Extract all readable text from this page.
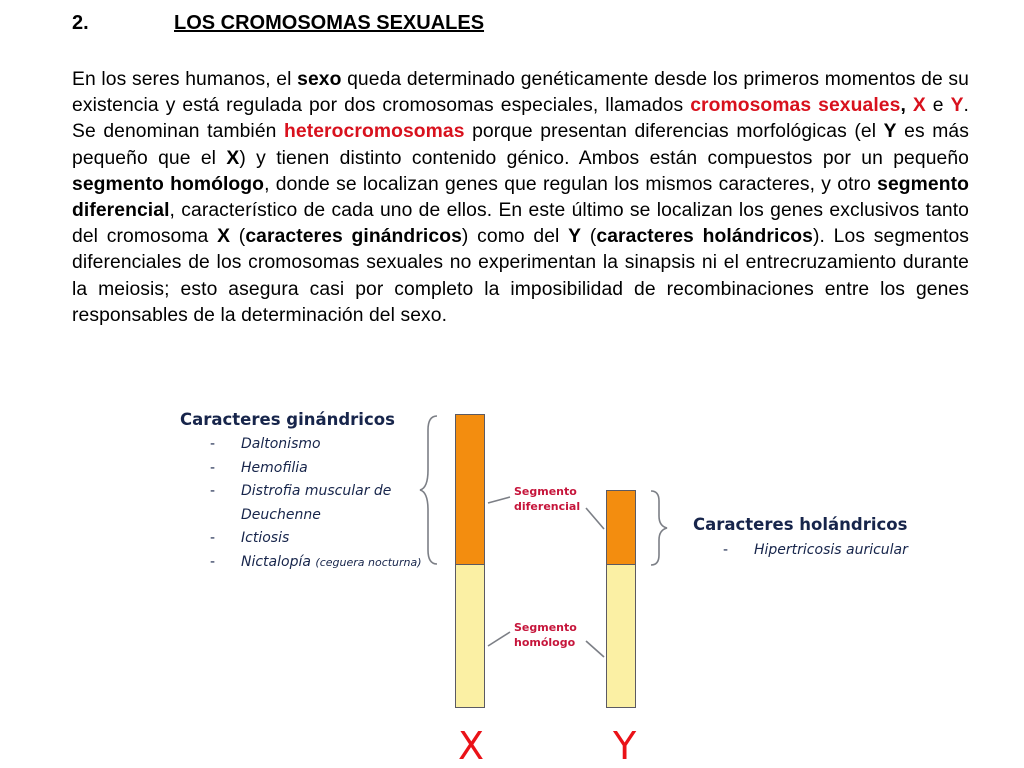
2.	LOS CROMOSOMAS SEXUALES

En los seres humanos, el sexo queda determinado genéticamente desde los primeros momentos de su existencia y está regulada por dos cromosomas especiales, llamados cromosomas sexuales, X e Y. Se denominan también heterocromosomas porque presentan diferencias morfológicas (el Y es más pequeño que el X) y tienen distinto contenido génico. Ambos están compuestos por un pequeño segmento homólogo, donde se localizan genes que regulan los mismos caracteres, y otro segmento diferencial, característico de cada uno de ellos. En este último se localizan los genes exclusivos tanto del cromosoma X (caracteres ginándricos) como del Y (caracteres holándricos). Los segmentos diferenciales de los cromosomas sexuales no experimentan la sinapsis ni el entrecruzamiento durante la meiosis; esto asegura casi por completo la imposibilidad de recombinaciones entre los genes responsables de la determinación del sexo.

Caracteres ginándricos
- Daltonismo
- Hemofilia
- Distrofia muscular de
Deuchenne
- Ictiosis
- Nictalopía (ceguera nocturna)
Caracteres holándricos
- Hipertricosis auricular
Segmento
diferencial
Segmento
homólogo
X	Y
